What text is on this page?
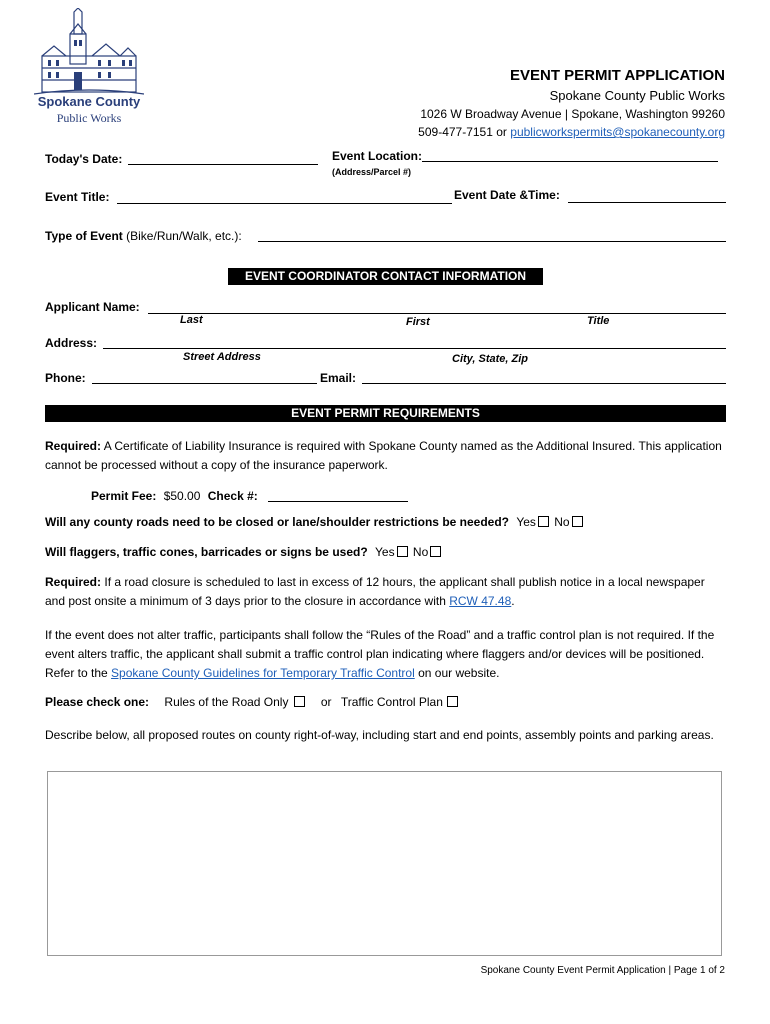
Spokane County
Public Works
EVENT PERMIT APPLICATION
Spokane County Public Works
1026 W Broadway Avenue | Spokane, Washington 99260
509-477-7151 or publicworkspermits@spokanecounty.org
Today's Date:	Event Location:
(Address/Parcel #)
Event Title:	Event Date &Time:
Type of Event (Bike/Run/Walk, etc.):
EVENT COORDINATOR CONTACT INFORMATION
Applicant Name:
Last	First	Title
Address:
Street Address	City, State, Zip
Phone:	Email:
EVENT PERMIT REQUIREMENTS
Required: A Certificate of Liability Insurance is required with Spokane County named as the Additional Insured. This application cannot be processed without a copy of the insurance paperwork.
Permit Fee: $50.00 Check #:
Will any county roads need to be closed or lane/shoulder restrictions be needed? Yes No
Will flaggers, traffic cones, barricades or signs be used? Yes No
Required: If a road closure is scheduled to last in excess of 12 hours, the applicant shall publish notice in a local newspaper and post onsite a minimum of 3 days prior to the closure in accordance with RCW 47.48.
If the event does not alter traffic, participants shall follow the “Rules of the Road” and a traffic control plan is not required. If the event alters traffic, the applicant shall submit a traffic control plan indicating where flaggers and/or devices will be positioned. Refer to the Spokane County Guidelines for Temporary Traffic Control on our website.
Please check one: Rules of the Road Only	or Traffic Control Plan
Describe below, all proposed routes on county right-of-way, including start and end points, assembly points and parking areas.
Spokane County Event Permit Application | Page 1 of 2
